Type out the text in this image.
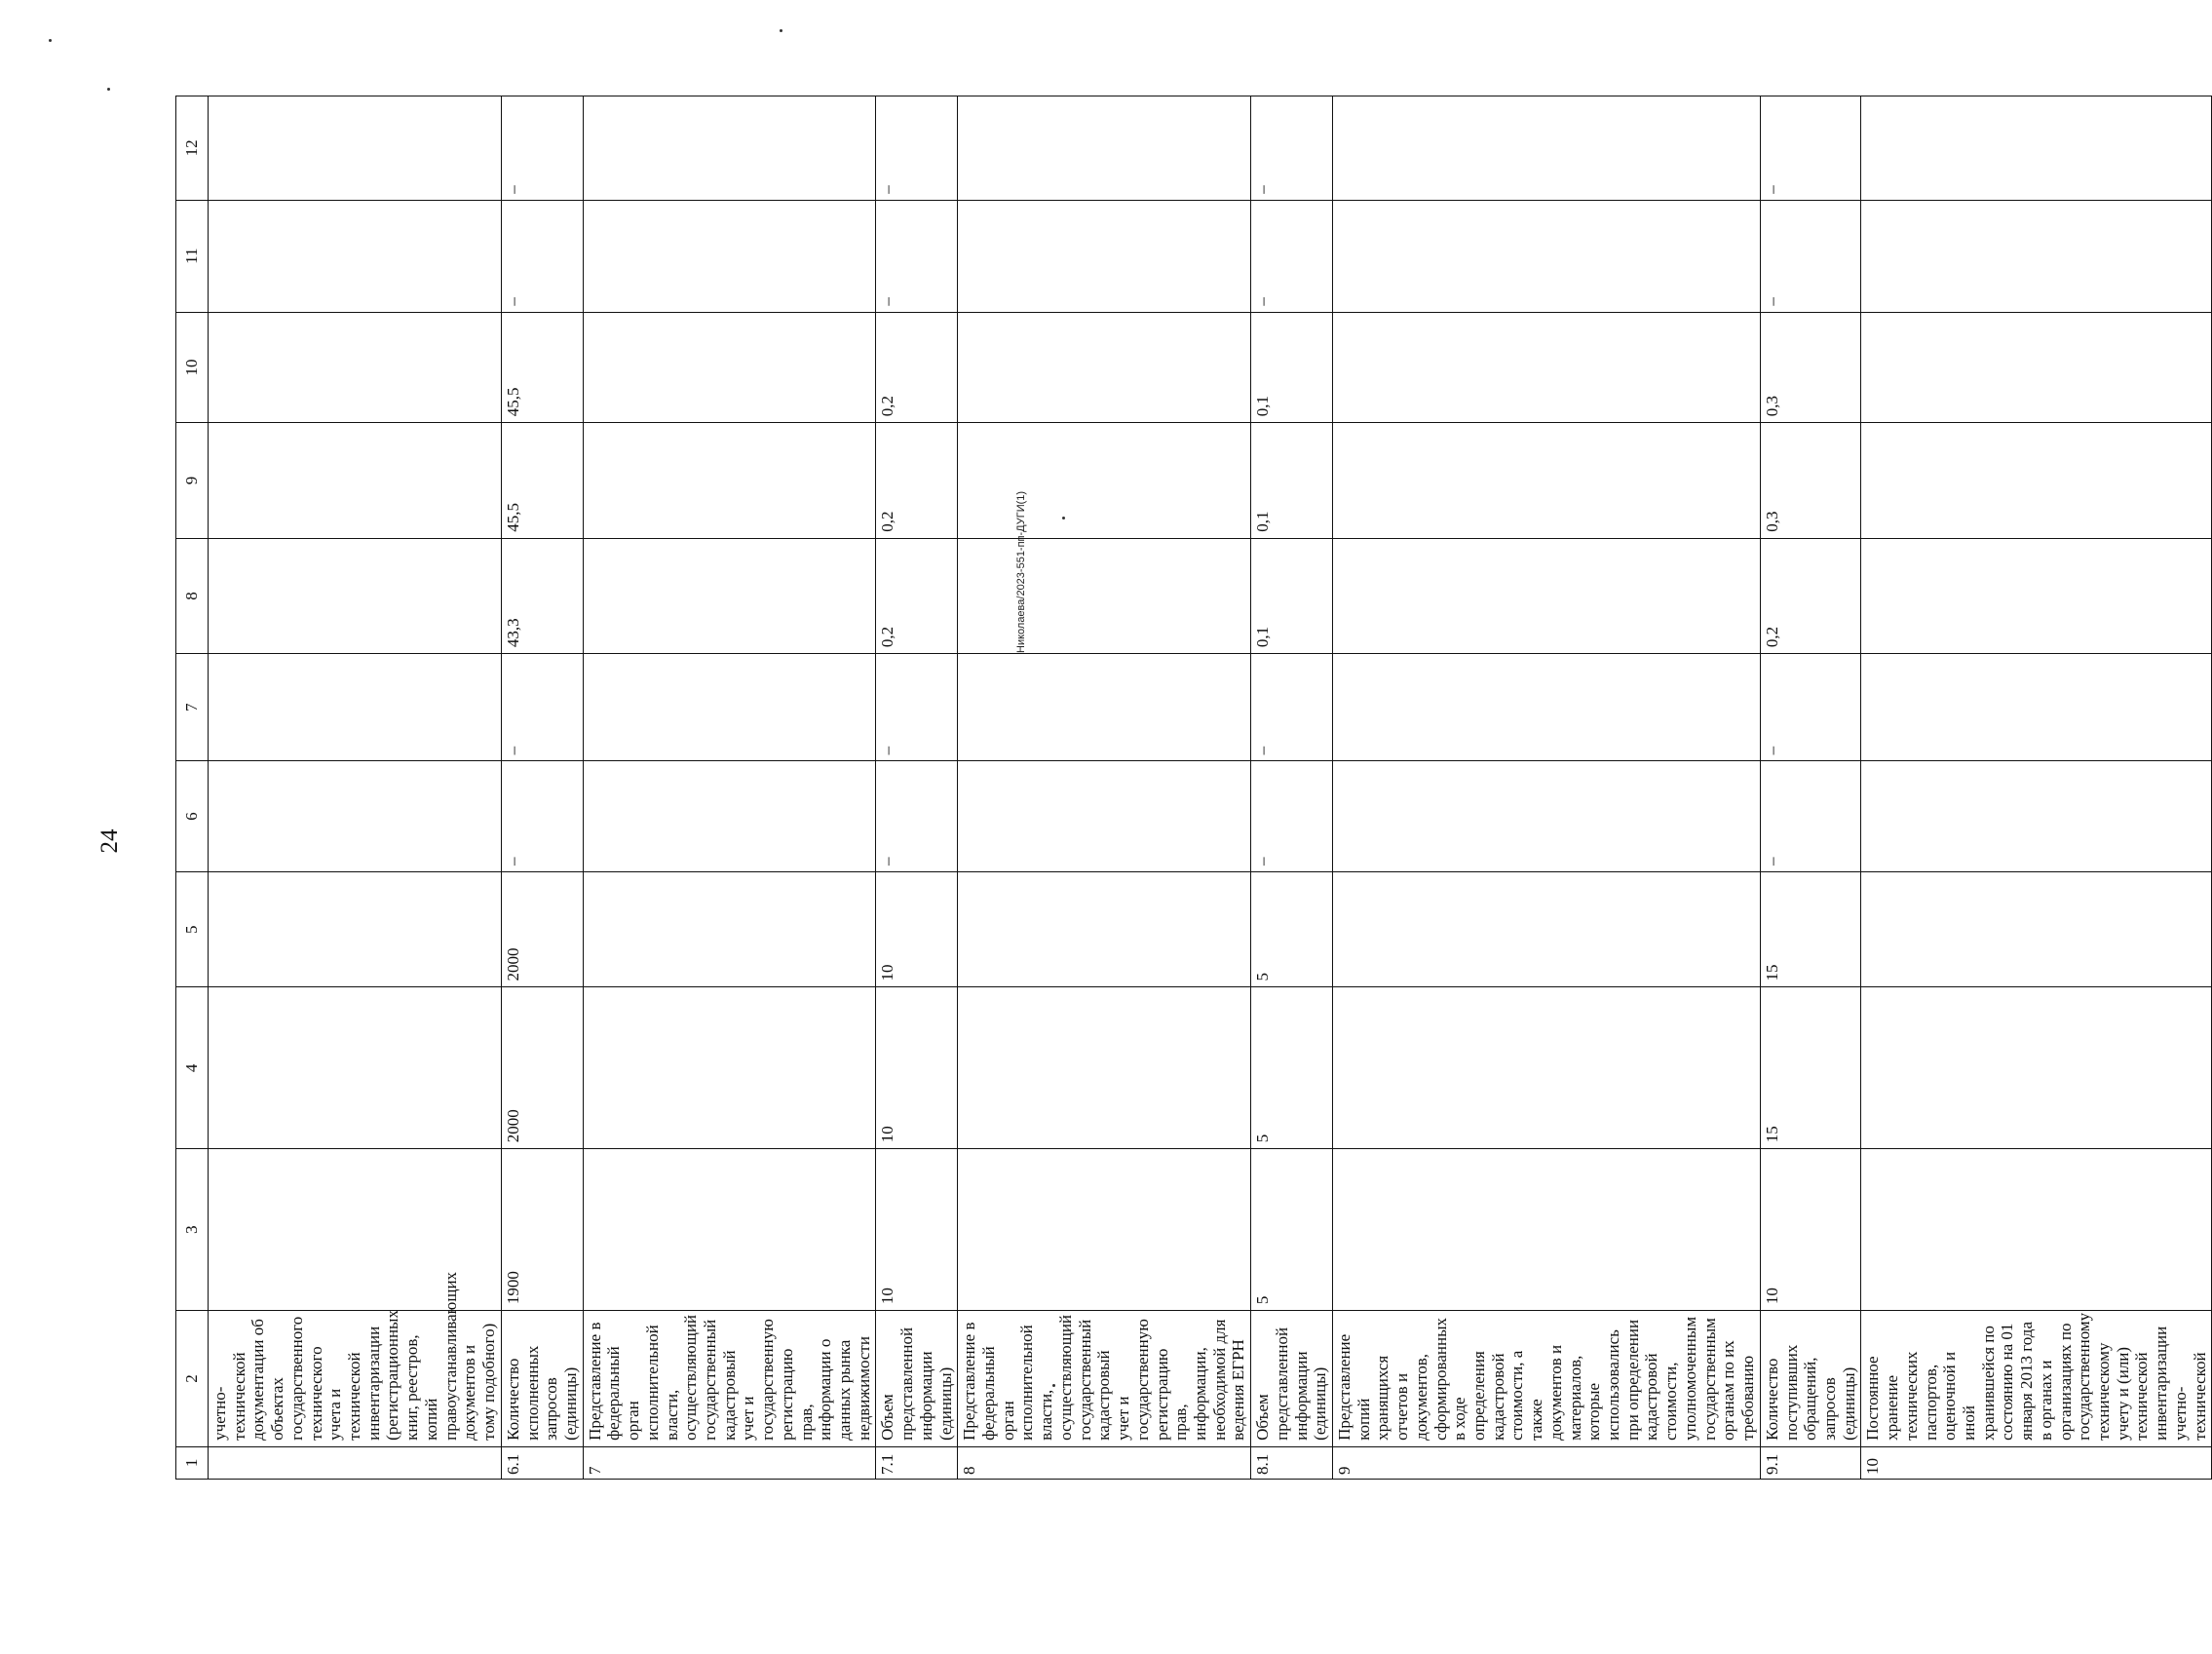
24
Николаева/2023-551-пп-ДУГИ(1)
1	2	3	4	5	6	7	8	9	10	11	12
	учетно-технической документации об объектах государственного технического учета и технической инвентаризации (регистрационных книг, реестров, копий правоустанавливающих документов и тому подобного)										
6.1	Количество исполненных запросов (единицы)	1900	2000	2000	–	–	43,3	45,5	45,5	–	–
7	Представление в федеральный орган исполнительной власти, осуществляющий государственный кадастровый учет и государственную регистрацию прав, информации о данных рынка недвижимости										
7.1	Объем представленной информации (единицы)	10	10	10	–	–	0,2	0,2	0,2	–	–
8	Представление в федеральный орган исполнительной власти, осуществляющий государственный кадастровый учет и государственную регистрацию прав, информации, необходимой для ведения ЕГРН										
8.1	Объем представленной информации (единицы)	5	5	5	–	–	0,1	0,1	0,1	–	–
9	Представление копий хранящихся отчетов и документов, сформированных в ходе определения кадастровой стоимости, а также документов и материалов, которые использовались при определении кадастровой стоимости, уполномоченным государственным органам по их требованию										
9.1	Количество поступивших обращений, запросов (единицы)	10	15	15	–	–	0,2	0,3	0,3	–	–
10	Постоянное хранение технических паспортов, оценочной и иной хранившейся по состоянию на 01 января 2013 года в органах и организациях по государственному техническому учету и (или) технической инвентаризации учетно-технической										
